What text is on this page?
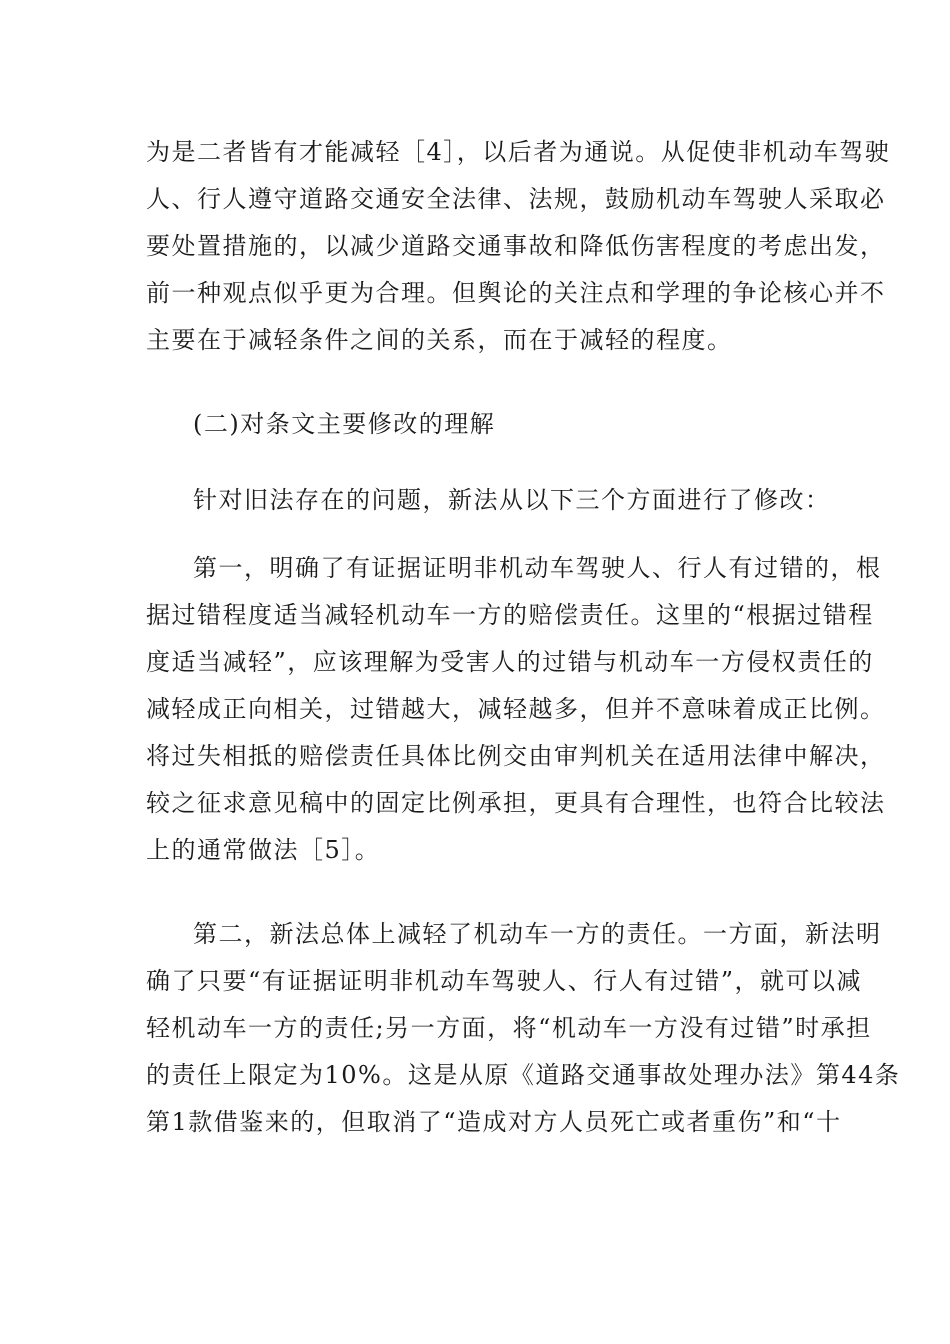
为是二者皆有才能减轻［4］，以后者为通说。从促使非机动车驾驶
人、行人遵守道路交通安全法律、法规，鼓励机动车驾驶人采取必
要处置措施的，以减少道路交通事故和降低伤害程度的考虑出发，
前一种观点似乎更为合理。但舆论的关注点和学理的争论核心并不
主要在于减轻条件之间的关系，而在于减轻的程度。
(二)对条文主要修改的理解
针对旧法存在的问题，新法从以下三个方面进行了修改：
第一，明确了有证据证明非机动车驾驶人、行人有过错的，根
据过错程度适当减轻机动车一方的赔偿责任。这里的“根据过错程
度适当减轻”，应该理解为受害人的过错与机动车一方侵权责任的
减轻成正向相关，过错越大，减轻越多，但并不意味着成正比例。
将过失相抵的赔偿责任具体比例交由审判机关在适用法律中解决，
较之征求意见稿中的固定比例承担，更具有合理性，也符合比较法
上的通常做法［5］。
第二，新法总体上减轻了机动车一方的责任。一方面，新法明
确了只要“有证据证明非机动车驾驶人、行人有过错”，就可以减
轻机动车一方的责任;另一方面，将“机动车一方没有过错”时承担
的责任上限定为10%。这是从原《道路交通事故处理办法》第44条
第1款借鉴来的，但取消了“造成对方人员死亡或者重伤”和“十
